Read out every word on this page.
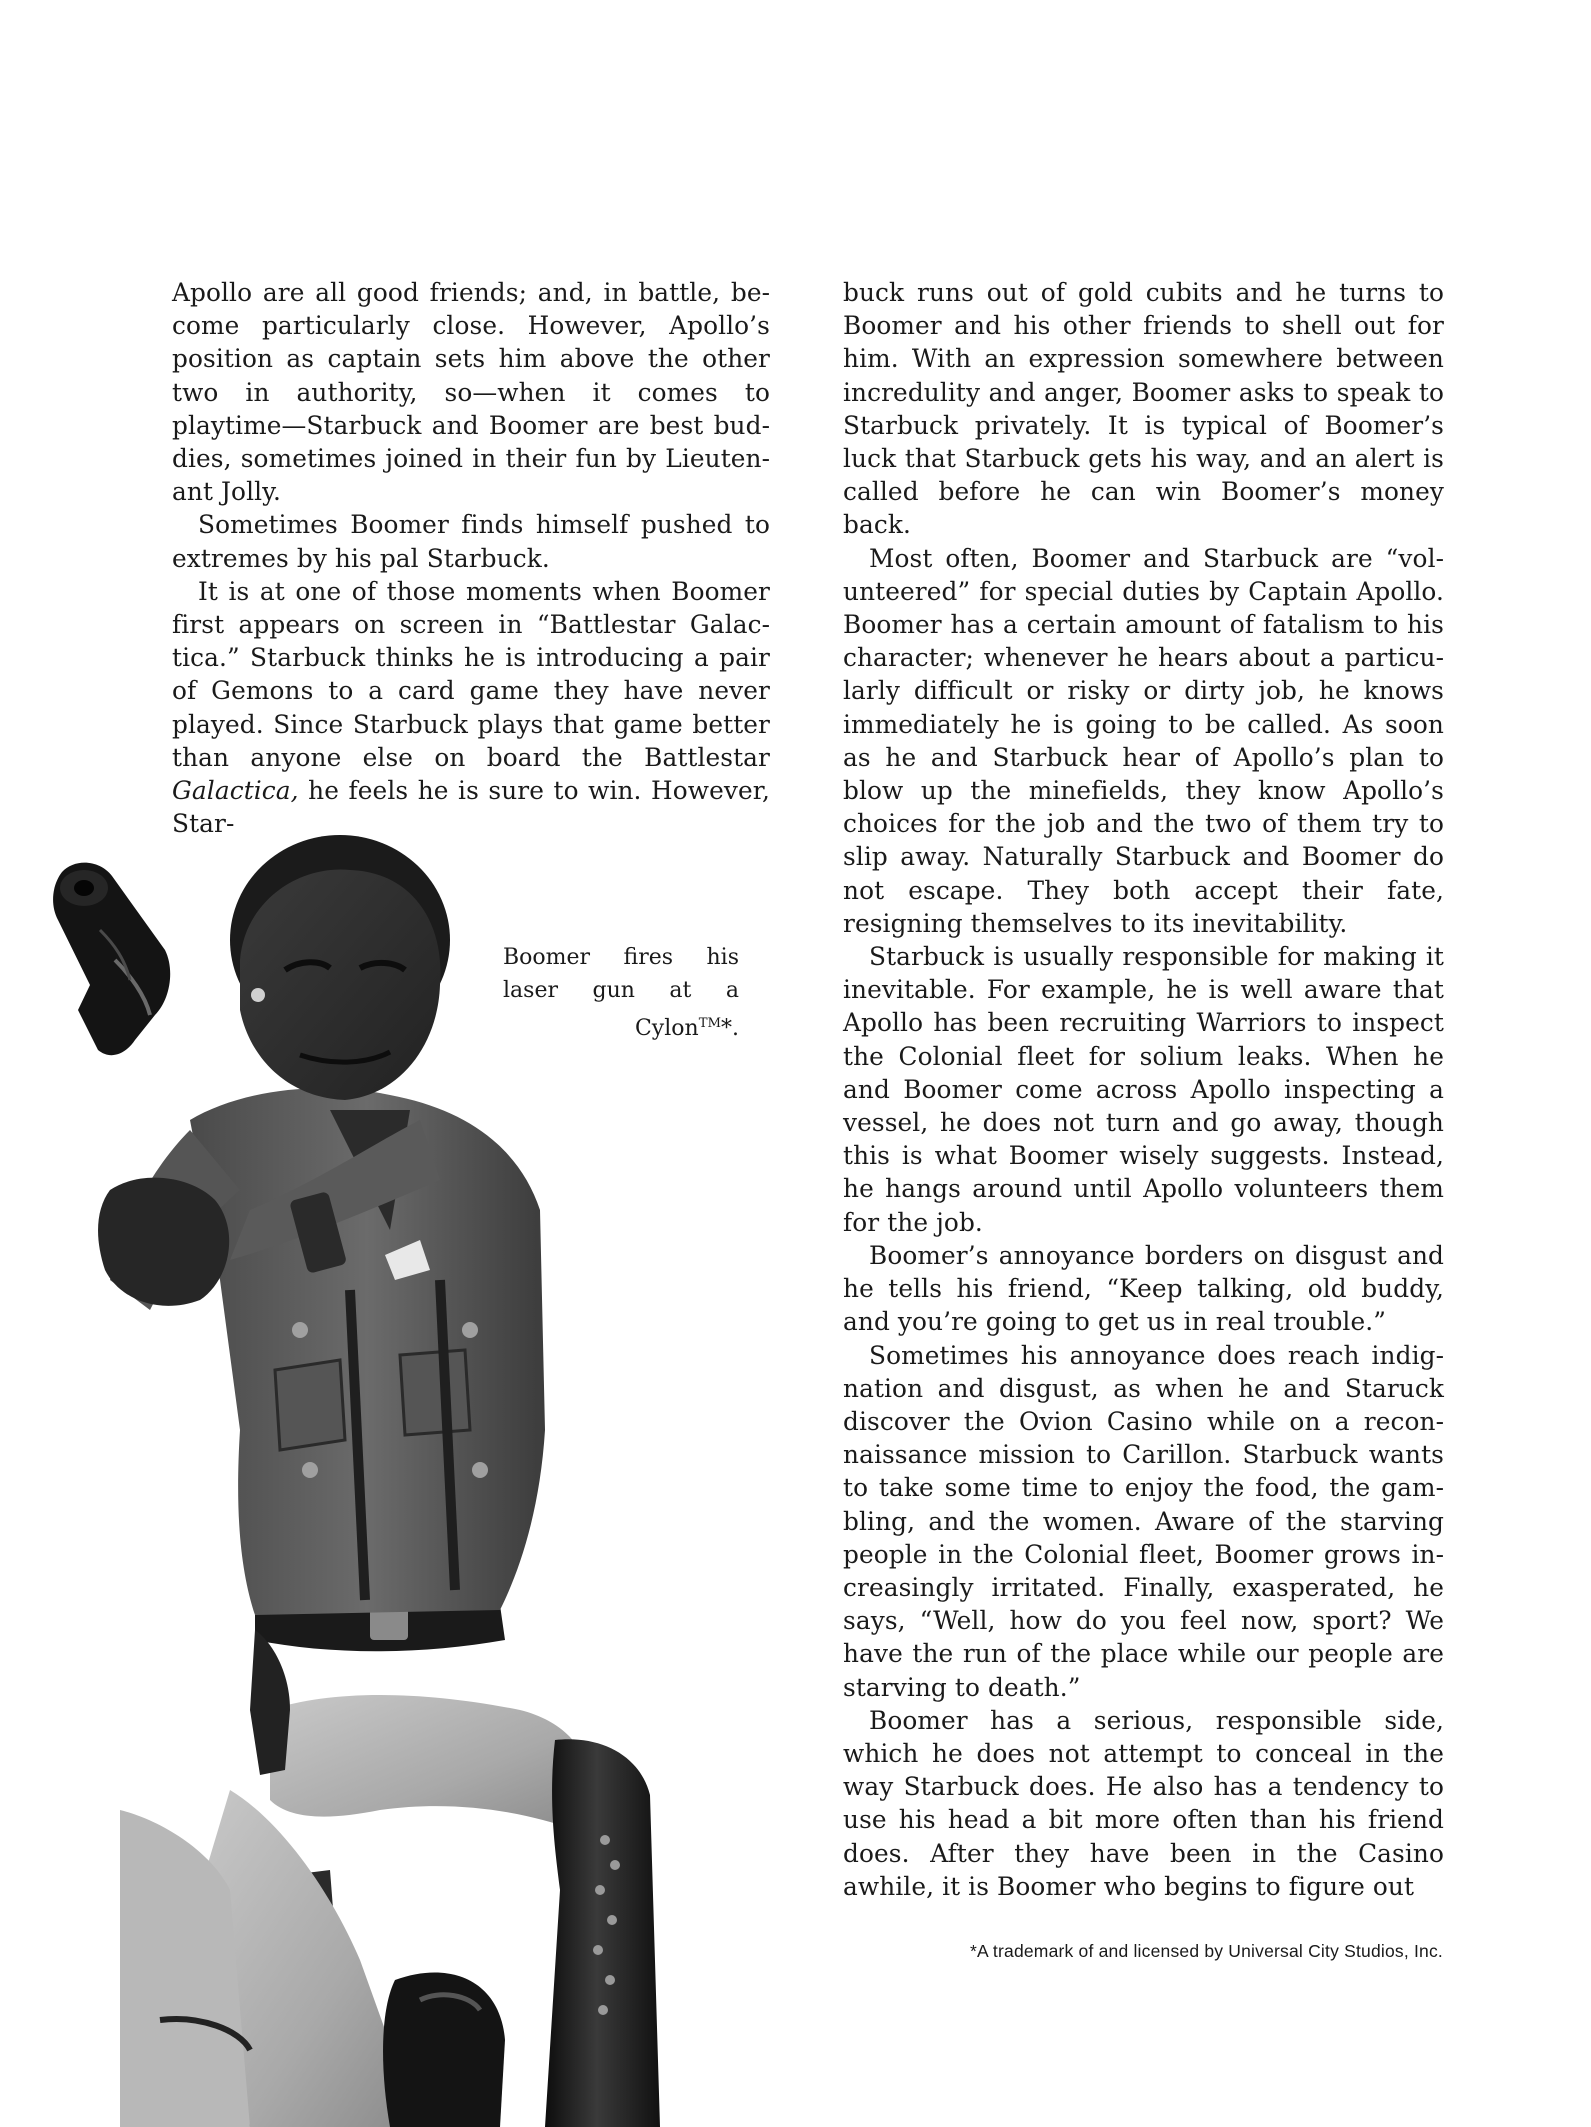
Apollo are all good friends; and, in battle, become particularly close. However, Apollo’s position as captain sets him above the other two in authority, so—when it comes to playtime—Starbuck and Boomer are best buddies, sometimes joined in their fun by Lieutenant Jolly.

Sometimes Boomer finds himself pushed to extremes by his pal Starbuck.

It is at one of those moments when Boomer first appears on screen in “Battlestar Galactica.” Starbuck thinks he is introducing a pair of Gemons to a card game they have never played. Since Starbuck plays that game better than anyone else on board the Battlestar Galactica, he feels he is sure to win. However, Star-

buck runs out of gold cubits and he turns to Boomer and his other friends to shell out for him. With an expression somewhere between incredulity and anger, Boomer asks to speak to Starbuck privately. It is typical of Boomer’s luck that Starbuck gets his way, and an alert is called before he can win Boomer’s money back.

Most often, Boomer and Starbuck are “volunteered” for special duties by Captain Apollo. Boomer has a certain amount of fatalism to his character; whenever he hears about a particularly difficult or risky or dirty job, he knows immediately he is going to be called. As soon as he and Starbuck hear of Apollo’s plan to blow up the minefields, they know Apollo’s choices for the job and the two of them try to slip away. Naturally Starbuck and Boomer do not escape. They both accept their fate, resigning themselves to its inevitability.

Starbuck is usually responsible for making it inevitable. For example, he is well aware that Apollo has been recruiting Warriors to inspect the Colonial fleet for solium leaks. When he and Boomer come across Apollo inspecting a vessel, he does not turn and go away, though this is what Boomer wisely suggests. Instead, he hangs around until Apollo volunteers them for the job.

Boomer’s annoyance borders on disgust and he tells his friend, “Keep talking, old buddy, and you’re going to get us in real trouble.”

Sometimes his annoyance does reach indignation and disgust, as when he and Staruck discover the Ovion Casino while on a reconnaissance mission to Carillon. Starbuck wants to take some time to enjoy the food, the gambling, and the women. Aware of the starving people in the Colonial fleet, Boomer grows increasingly irritated. Finally, exasperated, he says, “Well, how do you feel now, sport? We have the run of the place while our people are starving to death.”

Boomer has a serious, responsible side, which he does not attempt to conceal in the way Starbuck does. He also has a tendency to use his head a bit more often than his friend does. After they have been in the Casino awhile, it is Boomer who begins to figure out

Boomer fires his laser gun at a Cylon™*.
*A trademark of and licensed by Universal City Studios, Inc.
